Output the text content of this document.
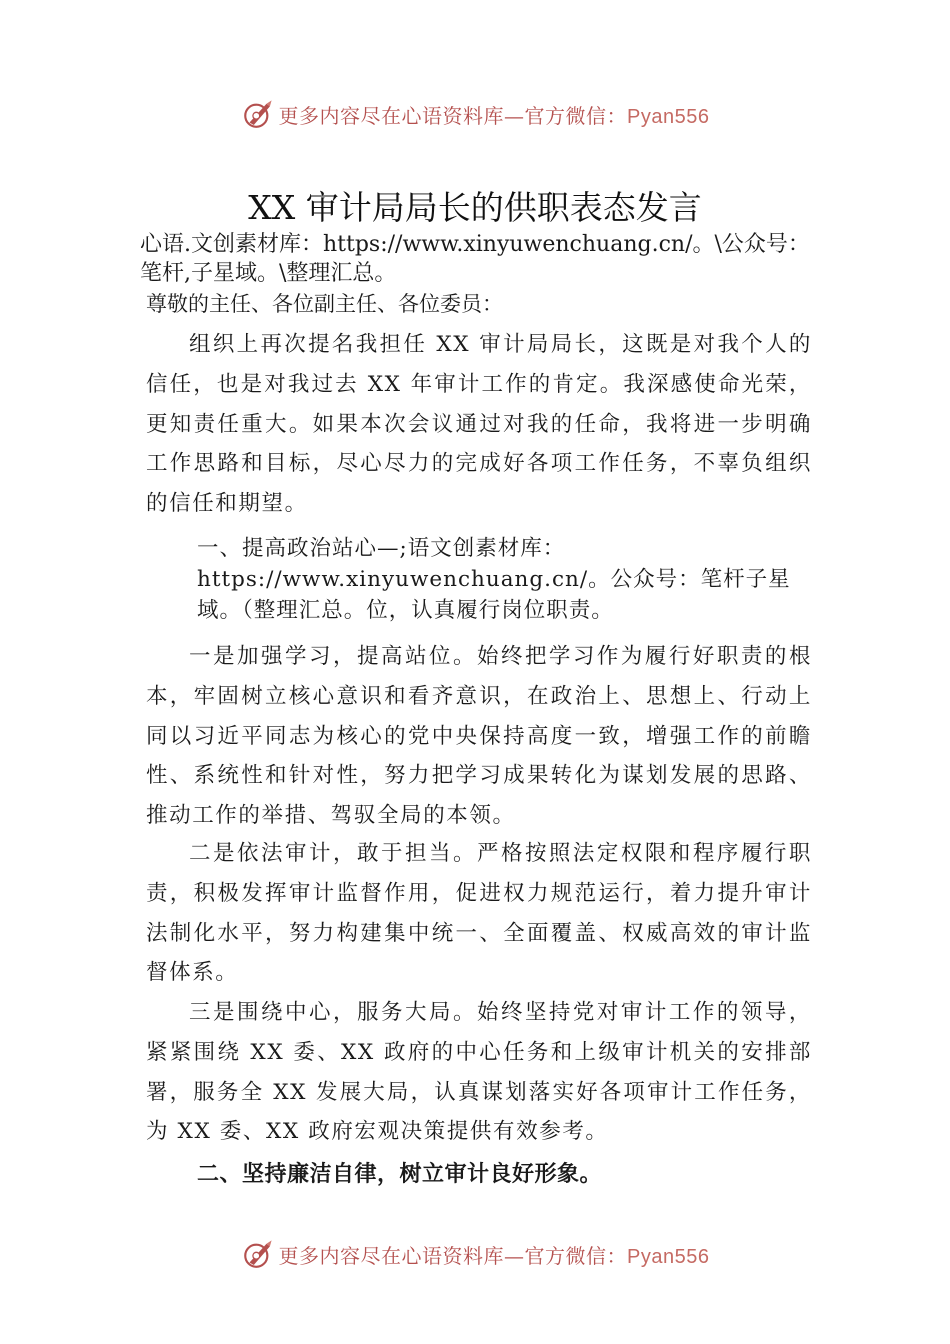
更多内容尽在心语资料库—官方微信：Pyan556
XX 审计局局长的供职表态发言
心语.文创素材库：https://www.xinyuwenchuang.cn/。\公众号：笔杆,子星域。\整理汇总。
尊敬的主任、各位副主任、各位委员：

组织上再次提名我担任 XX 审计局局长，这既是对我个人的信任，也是对我过去 XX 年审计工作的肯定。我深感使命光荣，更知责任重大。如果本次会议通过对我的任命，我将进一步明确工作思路和目标，尽心尽力的完成好各项工作任务，不辜负组织的信任和期望。

一、提高政治站心—;语文创素材库：https://www.xinyuwenchuang.cn/。公众号：笔杆子星域。（整理汇总。位，认真履行岗位职责。

一是加强学习，提高站位。始终把学习作为履行好职责的根本，牢固树立核心意识和看齐意识，在政治上、思想上、行动上同以习近平同志为核心的党中央保持高度一致，增强工作的前瞻性、系统性和针对性，努力把学习成果转化为谋划发展的思路、推动工作的举措、驾驭全局的本领。

二是依法审计，敢于担当。严格按照法定权限和程序履行职责，积极发挥审计监督作用，促进权力规范运行，着力提升审计法制化水平，努力构建集中统一、全面覆盖、权威高效的审计监督体系。

三是围绕中心，服务大局。始终坚持党对审计工作的领导，紧紧围绕 XX 委、XX 政府的中心任务和上级审计机关的安排部署，服务全 XX 发展大局，认真谋划落实好各项审计工作任务，为 XX 委、XX 政府宏观决策提供有效参考。

二、坚持廉洁自律，树立审计良好形象。
更多内容尽在心语资料库—官方微信：Pyan556
